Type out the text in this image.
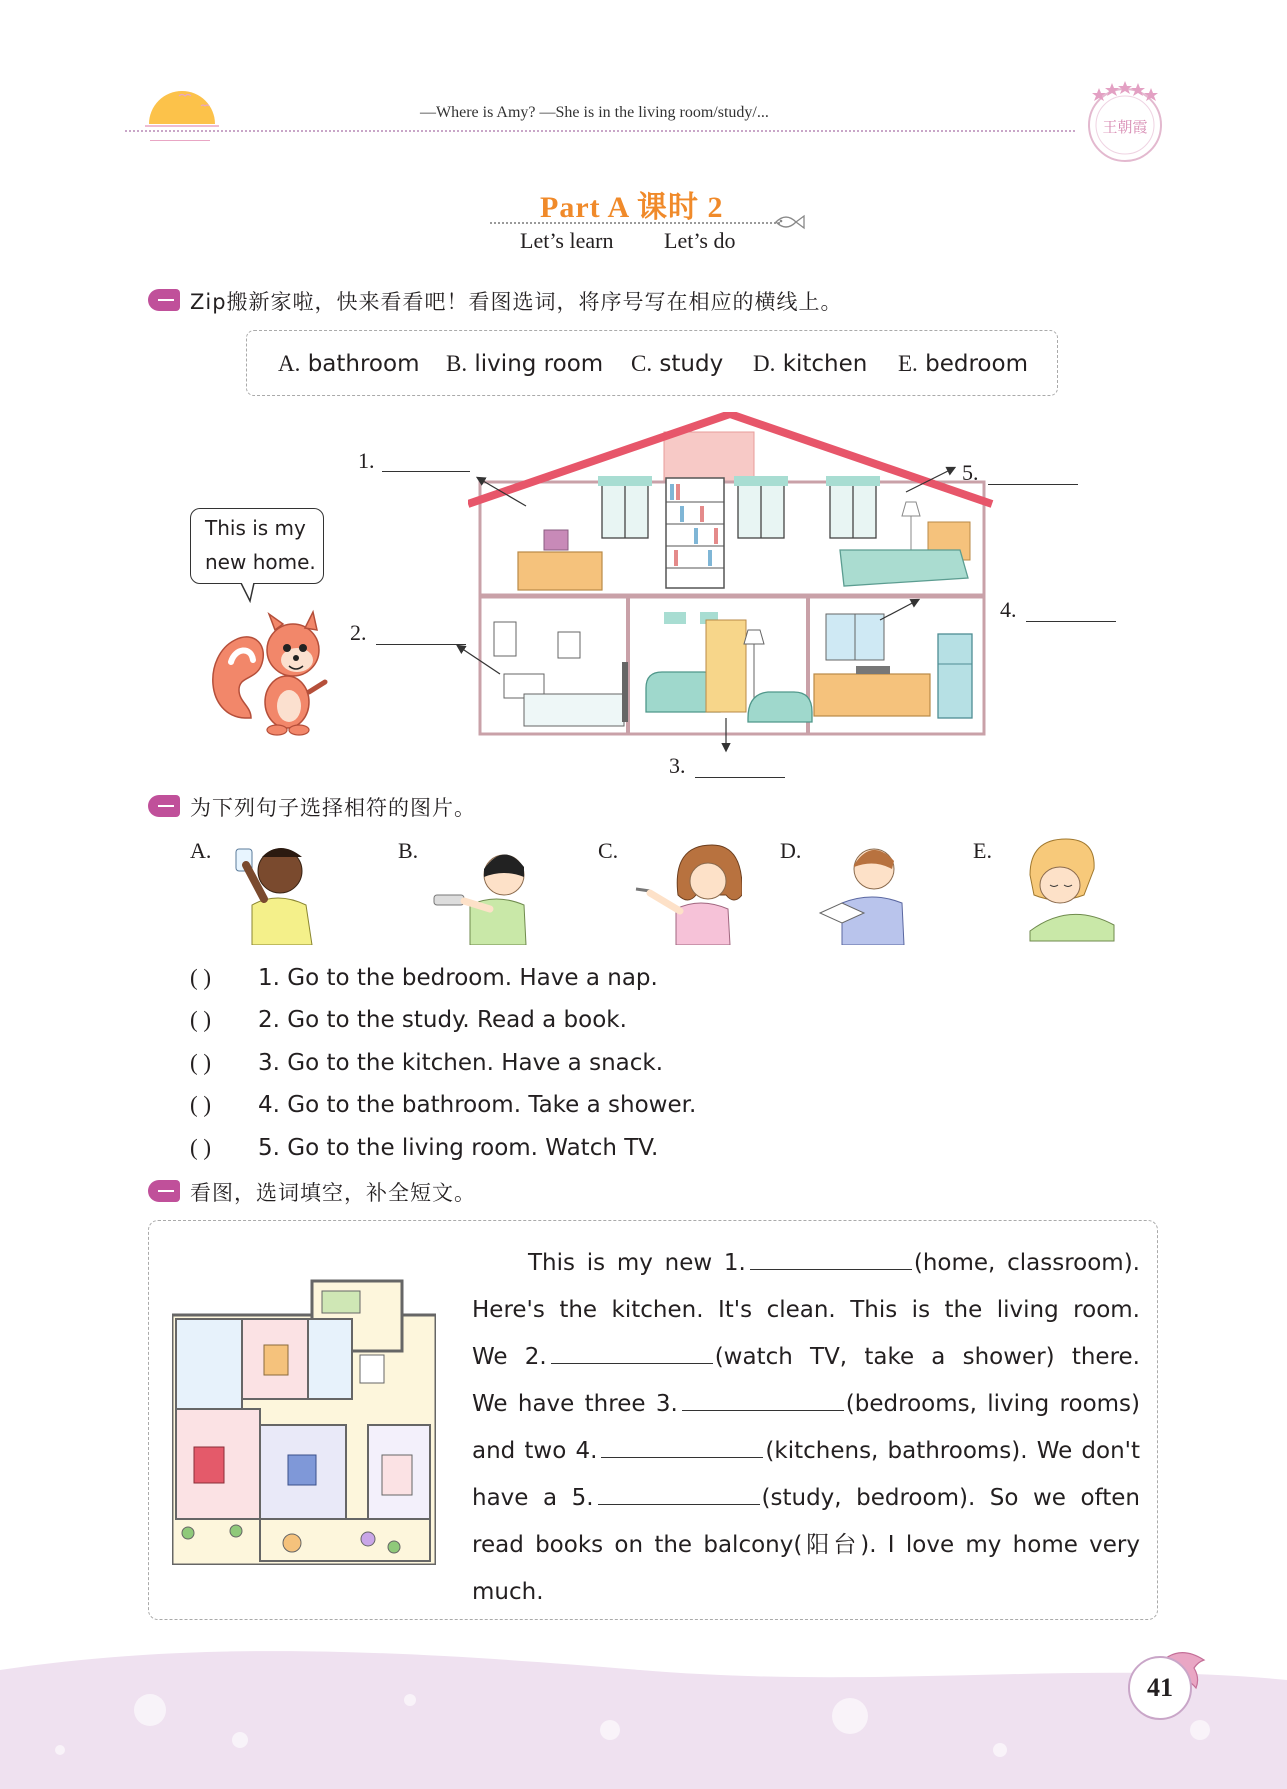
—Where is Amy? —She is in the living room/study/...
王朝霞
Part A 课时 2
Let’s learn Let’s do
Zip搬新家啦，快来看看吧！看图选词，将序号写在相应的横线上。
A. bathroom B. living room C. study D. kitchen E. bedroom
This is my
new home.
1.
2.
3.
4.
5.
为下列句子选择相符的图片。
A.	B.	C.	D.	E.
( ) 1. Go to the bedroom. Have a nap.
( ) 2. Go to the study. Read a book.
( ) 3. Go to the kitchen. Have a snack.
( ) 4. Go to the bathroom. Take a shower.
( ) 5. Go to the living room. Watch TV.
看图，选词填空，补全短文。
This is my new 1.	(home, classroom).
Here's the kitchen. It's clean. This is the living room.
We 2.	(watch TV, take a shower) there.
We have three 3.	(bedrooms, living rooms)
and two 4.	(kitchens, bathrooms). We don't
have a 5.	(study, bedroom). So we often
read books on the balcony(阳台). I love my home very
much.
41
